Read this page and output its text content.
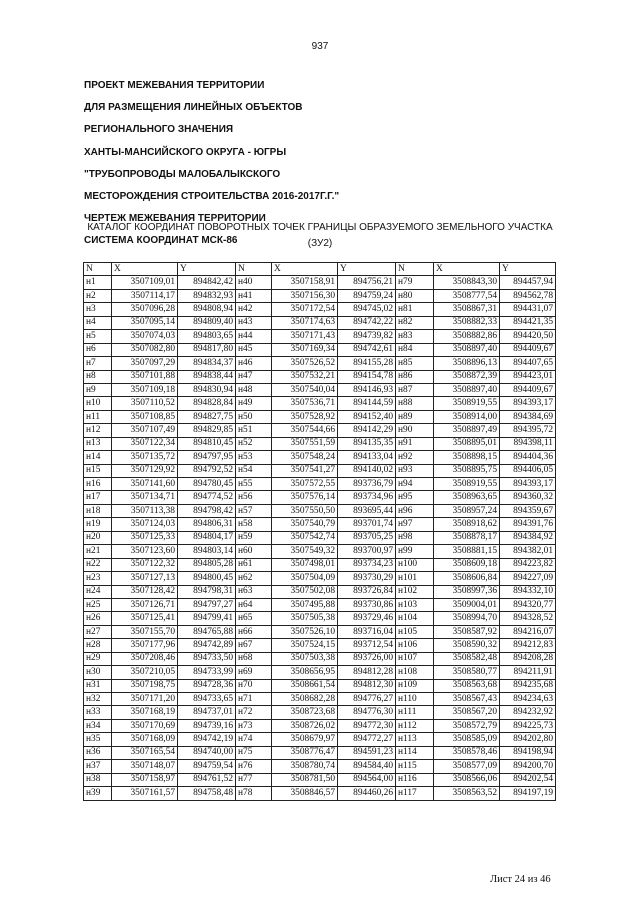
937
ПРОЕКТ МЕЖЕВАНИЯ ТЕРРИТОРИИ
ДЛЯ РАЗМЕЩЕНИЯ ЛИНЕЙНЫХ ОБЪЕКТОВ
РЕГИОНАЛЬНОГО ЗНАЧЕНИЯ
ХАНТЫ-МАНСИЙСКОГО ОКРУГА - ЮГРЫ
"ТРУБОПРОВОДЫ МАЛОБАЛЫКСКОГО
МЕСТОРОЖДЕНИЯ СТРОИТЕЛЬСТВА 2016-2017Г.Г."
ЧЕРТЕЖ МЕЖЕВАНИЯ ТЕРРИТОРИИ
СИСТЕМА КООРДИНАТ МСК-86
КАТАЛОГ КООРДИНАТ ПОВОРОТНЫХ ТОЧЕК ГРАНИЦЫ ОБРАЗУЕМОГО ЗЕМЕЛЬНОГО УЧАСТКА
(ЗУ2)
N	X	Y	N	X	Y	N	X	Y
н1	3507109,01	894842,42	н40	3507158,91	894756,21	н79	3508843,30	894457,94
н2	3507114,17	894832,93	н41	3507156,30	894759,24	н80	3508777,54	894562,78
н3	3507096,28	894808,94	н42	3507172,54	894745,02	н81	3508867,31	894431,07
н4	3507095,14	894809,40	н43	3507174,63	894742,22	н82	3508882,33	894421,35
н5	3507074,03	894803,65	н44	3507171,43	894739,82	н83	3508882,86	894420,50
н6	3507082,80	894817,80	н45	3507169,34	894742,61	н84	3508897,40	894409,67
н7	3507097,29	894834,37	н46	3507526,52	894155,28	н85	3508896,13	894407,65
н8	3507101,88	894838,44	н47	3507532,21	894154,78	н86	3508872,39	894423,01
н9	3507109,18	894830,94	н48	3507540,04	894146,93	н87	3508897,40	894409,67
н10	3507110,52	894828,84	н49	3507536,71	894144,59	н88	3508919,55	894393,17
н11	3507108,85	894827,75	н50	3507528,92	894152,40	н89	3508914,00	894384,69
н12	3507107,49	894829,85	н51	3507544,66	894142,29	н90	3508897,49	894395,72
н13	3507122,34	894810,45	н52	3507551,59	894135,35	н91	3508895,01	894398,11
н14	3507135,72	894797,95	н53	3507548,24	894133,04	н92	3508898,15	894404,36
н15	3507129,92	894792,52	н54	3507541,27	894140,02	н93	3508895,75	894406,05
н16	3507141,60	894780,45	н55	3507572,55	893736,79	н94	3508919,55	894393,17
н17	3507134,71	894774,52	н56	3507576,14	893734,96	н95	3508963,65	894360,32
н18	3507113,38	894798,42	н57	3507550,50	893695,44	н96	3508957,24	894359,67
н19	3507124,03	894806,31	н58	3507540,79	893701,74	н97	3508918,62	894391,76
н20	3507125,33	894804,17	н59	3507542,74	893705,25	н98	3508878,17	894384,92
н21	3507123,60	894803,14	н60	3507549,32	893700,97	н99	3508881,15	894382,01
н22	3507122,32	894805,28	н61	3507498,01	893734,23	н100	3508609,18	894223,82
н23	3507127,13	894800,45	н62	3507504,09	893730,29	н101	3508606,84	894227,09
н24	3507128,42	894798,31	н63	3507502,08	893726,84	н102	3508997,36	894332,10
н25	3507126,71	894797,27	н64	3507495,88	893730,86	н103	3509004,01	894320,77
н26	3507125,41	894799,41	н65	3507505,38	893729,46	н104	3508994,70	894328,52
н27	3507155,70	894765,88	н66	3507526,10	893716,04	н105	3508587,92	894216,07
н28	3507177,96	894742,89	н67	3507524,15	893712,54	н106	3508590,32	894212,83
н29	3507208,46	894733,50	н68	3507503,38	893726,00	н107	3508582,48	894208,28
н30	3507210,05	894733,99	н69	3508656,95	894812,28	н108	3508580,77	894211,91
н31	3507198,75	894728,36	н70	3508661,54	894812,30	н109	3508563,68	894235,68
н32	3507171,20	894733,65	н71	3508682,28	894776,27	н110	3508567,43	894234,63
н33	3507168,19	894737,01	н72	3508723,68	894776,30	н111	3508567,20	894232,92
н34	3507170,69	894739,16	н73	3508726,02	894772,30	н112	3508572,79	894225,73
н35	3507168,09	894742,19	н74	3508679,97	894772,27	н113	3508585,09	894202,80
н36	3507165,54	894740,00	н75	3508776,47	894591,23	н114	3508578,46	894198,94
н37	3507148,07	894759,54	н76	3508780,74	894584,40	н115	3508577,09	894200,70
н38	3507158,97	894761,52	н77	3508781,50	894564,00	н116	3508566,06	894202,54
н39	3507161,57	894758,48	н78	3508846,57	894460,26	н117	3508563,52	894197,19
Лист 24 из 46
